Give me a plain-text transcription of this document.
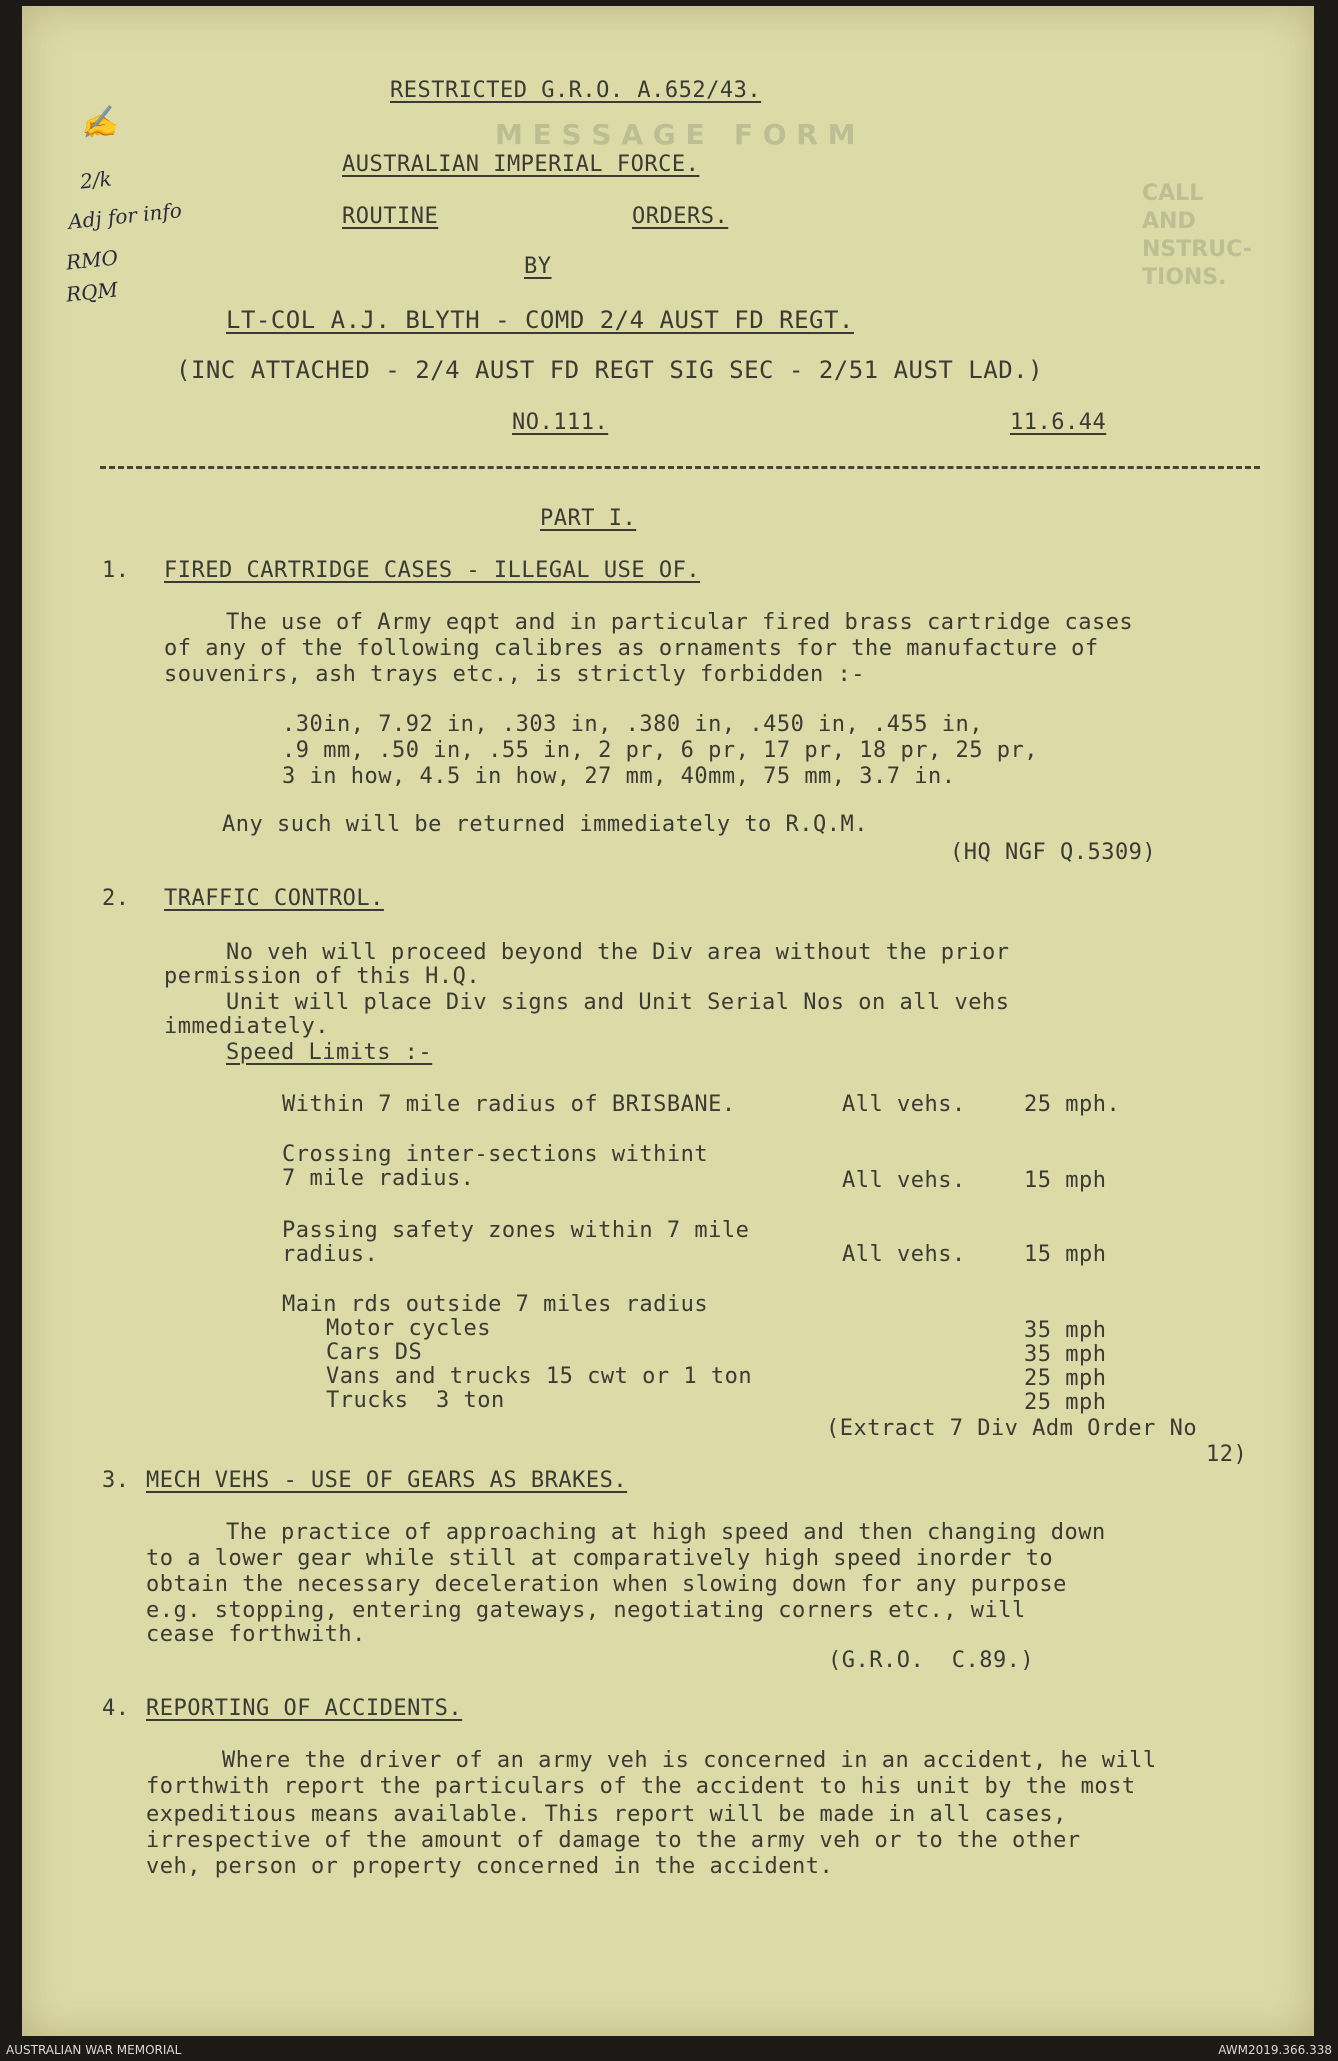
M E S S A G E   F O R M
CALL
AND
NSTRUC-
TIONS.
✍
2/k
Adj for info
RMO
RQM
RESTRICTED G.R.O. A.652/43.
AUSTRALIAN IMPERIAL FORCE.
ROUTINE	ORDERS.
BY
LT-COL A.J. BLYTH - COMD 2/4 AUST FD REGT.
(INC ATTACHED - 2/4 AUST FD REGT SIG SEC - 2/51 AUST LAD.)
NO.111.	11.6.44
PART I.
1. FIRED CARTRIDGE CASES - ILLEGAL USE OF.
The use of Army eqpt and in particular fired brass cartridge cases
of any of the following calibres as ornaments for the manufacture of
souvenirs, ash trays etc., is strictly forbidden :-
.30in, 7.92 in, .303 in, .380 in, .450 in, .455 in,
.9 mm, .50 in, .55 in, 2 pr, 6 pr, 17 pr, 18 pr, 25 pr,
3 in how, 4.5 in how, 27 mm, 40mm, 75 mm, 3.7 in.
Any such will be returned immediately to R.Q.M.
(HQ NGF Q.5309)
2. TRAFFIC CONTROL.
No veh will proceed beyond the Div area without the prior
permission of this H.Q.
Unit will place Div signs and Unit Serial Nos on all vehs
immediately.
Speed Limits :-
Within 7 mile radius of BRISBANE.	All vehs.	25 mph.
Crossing inter-sections withint
7 mile radius.	All vehs.	15 mph
Passing safety zones within 7 mile
radius.	All vehs.	15 mph
Main rds outside 7 miles radius
Motor cycles	35 mph
Cars DS	35 mph
Vans and trucks 15 cwt or 1 ton	25 mph
Trucks  3 ton	25 mph
(Extract 7 Div Adm Order No
12)
3. MECH VEHS - USE OF GEARS AS BRAKES.
The practice of approaching at high speed and then changing down
to a lower gear while still at comparatively high speed inorder to
obtain the necessary deceleration when slowing down for any purpose
e.g. stopping, entering gateways, negotiating corners etc., will
cease forthwith.
(G.R.O.  C.89.)
4. REPORTING OF ACCIDENTS.
Where the driver of an army veh is concerned in an accident, he will
forthwith report the particulars of the accident to his unit by the most
expeditious means available. This report will be made in all cases,
irrespective of the amount of damage to the army veh or to the other
veh, person or property concerned in the accident.
AUSTRALIAN WAR MEMORIAL	AWM2019.366.338
